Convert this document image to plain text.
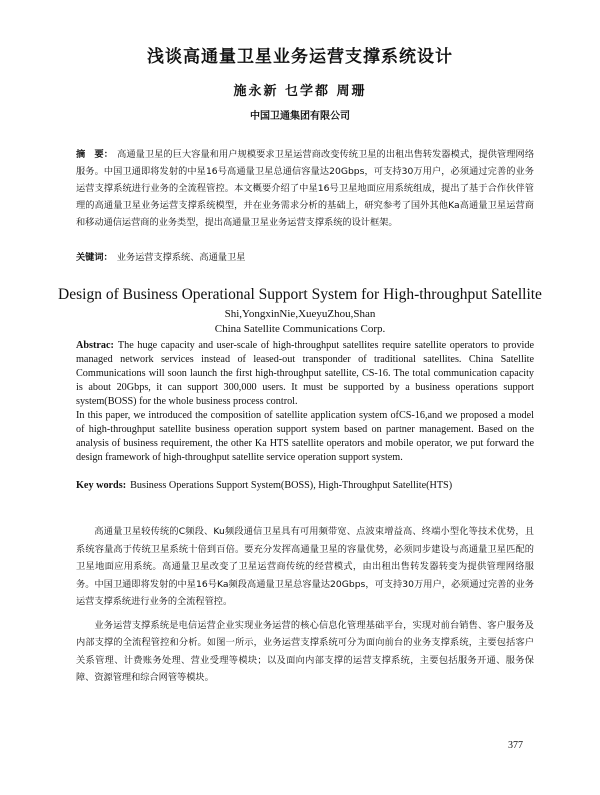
浅谈高通量卫星业务运营支撑系统设计
施永新 乜学都 周珊
中国卫通集团有限公司
摘　要： 高通量卫星的巨大容量和用户规模要求卫星运营商改变传统卫星的出租出售转发器模式，提供管理网络服务。中国卫通即将发射的中星16号高通量卫星总通信容量达20Gbps，可支持30万用户，必须通过完善的业务运营支撑系统进行业务的全流程管控。本文概要介绍了中星16号卫星地面应用系统组成，提出了基于合作伙伴管理的高通量卫星业务运营支撑系统模型，并在业务需求分析的基础上，研究参考了国外其他Ka高通量卫星运营商和移动通信运营商的业务类型，提出高通量卫星业务运营支撑系统的设计框架。
关键词： 业务运营支撑系统、高通量卫星
Design of Business Operational Support System for High-throughput Satellite
Shi,YongxinNie,XueyuZhou,Shan
China Satellite Communications Corp.

Abstrac: The huge capacity and user-scale of high-throughput satellites require satellite operators to provide managed network services instead of leased-out transponder of traditional satellites. China Satellite Communications will soon launch the first high-throughput satellite, CS-16. The total communication capacity is about 20Gbps, it can support 300,000 users. It must be supported by a business operations support system(BOSS) for the whole business process control.

In this paper, we introduced the composition of satellite application system ofCS-16,and we proposed a model of high-throughput satellite business operation support system based on partner management. Based on the analysis of business requirement, the other Ka HTS satellite operators and mobile operator, we put forward the design framework of high-throughput satellite service operation support system.

Key words: Business Operations Support System(BOSS), High-Throughput Satellite(HTS)

高通量卫星较传统的C频段、Ku频段通信卫星具有可用频带宽、点波束增益高、终端小型化等技术优势，且系统容量高于传统卫星系统十倍到百倍。要充分发挥高通量卫星的容量优势，必须同步建设与高通量卫星匹配的卫星地面应用系统。高通量卫星改变了卫星运营商传统的经营模式，由出租出售转发器转变为提供管理网络服务。中国卫通即将发射的中星16号Ka频段高通量卫星总容量达20Gbps，可支持30万用户，必须通过完善的业务运营支撑系统进行业务的全流程管控。

业务运营支撑系统是电信运营企业实现业务运营的核心信息化管理基础平台，实现对前台销售、客户服务及内部支撑的全流程管控和分析。如图一所示，业务运营支撑系统可分为面向前台的业务支撑系统，主要包括客户关系管理、计费账务处理、营业受理等模块；以及面向内部支撑的运营支撑系统，主要包括服务开通、服务保障、资源管理和综合网管等模块。

377
